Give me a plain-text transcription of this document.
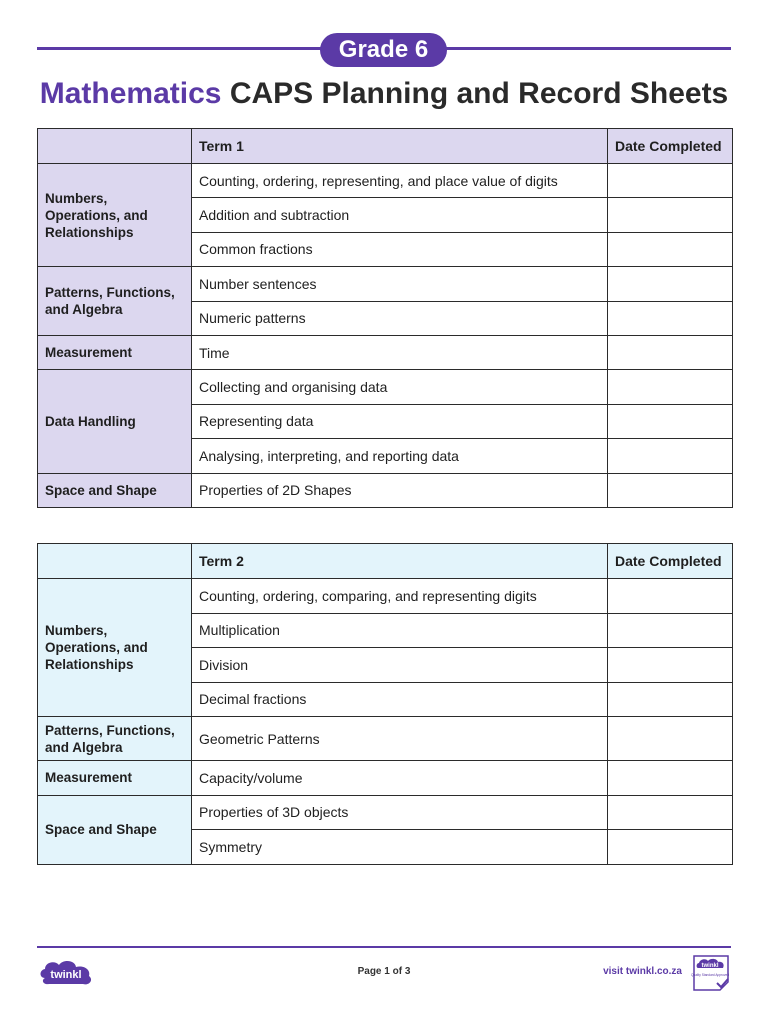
Grade 6
Mathematics CAPS Planning and Record Sheets
	Term 1	Date Completed
Numbers, Operations, and Relationships	Counting, ordering, representing, and place value of digits	
	Addition and subtraction	
	Common fractions	
Patterns, Functions, and Algebra	Number sentences	
	Numeric patterns	
Measurement	Time	
Data Handling	Collecting and organising data	
	Representing data	
	Analysing, interpreting, and reporting data	
Space and Shape	Properties of 2D Shapes	
	Term 2	Date Completed
Numbers, Operations, and Relationships	Counting, ordering, comparing, and representing digits	
	Multiplication	
	Division	
	Decimal fractions	
Patterns, Functions, and Algebra	Geometric Patterns	
Measurement	Capacity/volume	
Space and Shape	Properties of 3D objects	
	Symmetry	
twinkl	Page 1 of 3	visit twinkl.co.za	twinkl
Quality Standard Approved
